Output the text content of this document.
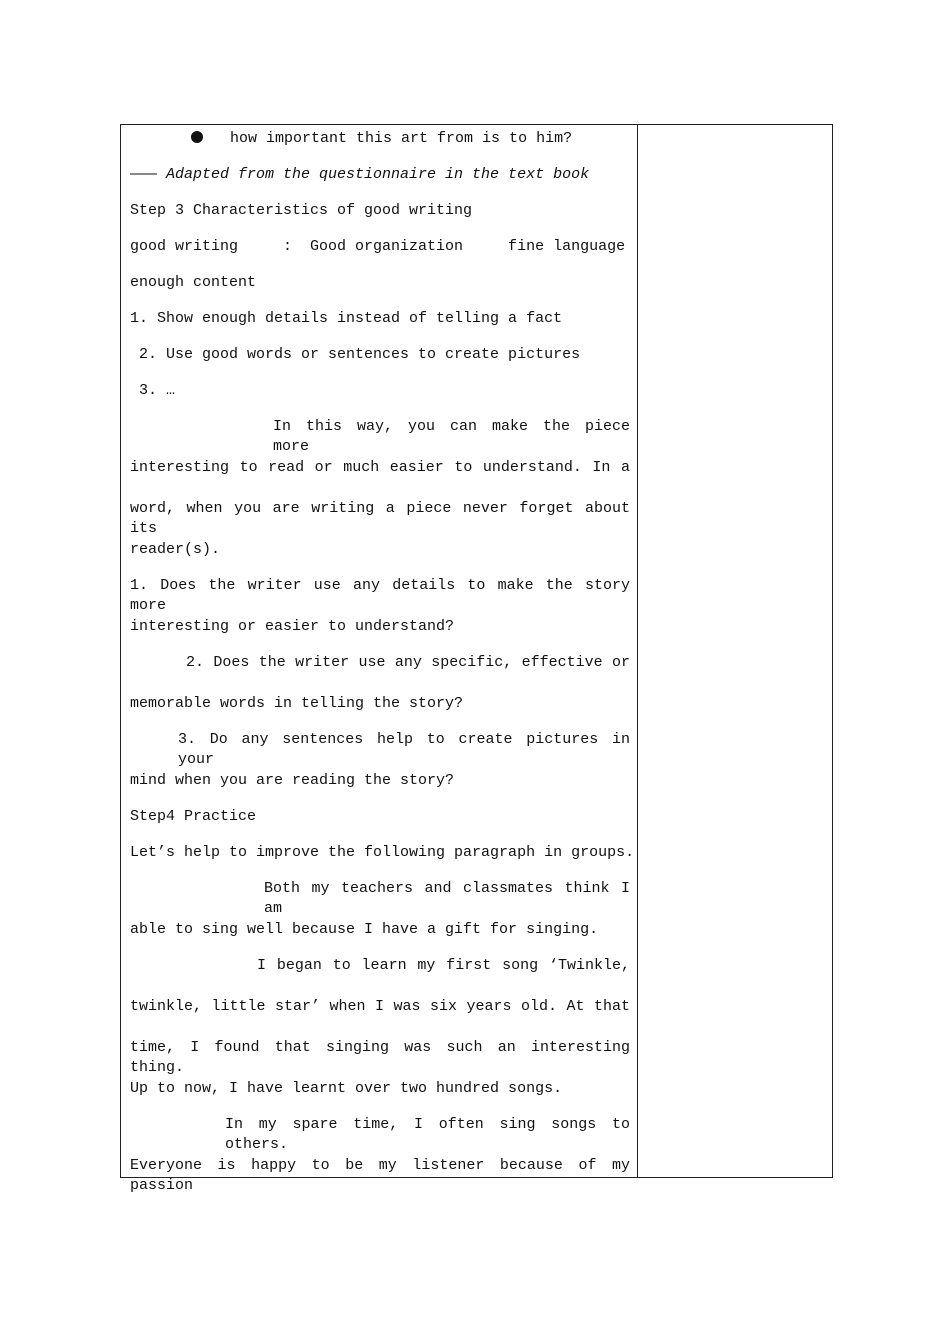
how important this art from is to him?
——— Adapted from the questionnaire in the text book
Step 3 Characteristics of good writing
good writing     :  Good organization     fine language
enough content
1. Show enough details instead of telling a fact
2. Use good words or sentences to create pictures
3. …
In this way, you can make the piece more
interesting to read or much easier to understand. In a
word, when you are writing a piece never forget about its
reader(s).
1. Does the writer use any details to make the story more
interesting or easier to understand?
2. Does the writer use any specific, effective or
memorable words in telling the story?
3. Do any sentences help to create pictures in your
mind when you are reading the story?
Step4 Practice
Let’s help to improve the following paragraph in groups.
Both my teachers and classmates think I am
able to sing well because I have a gift for singing.
I began to learn my first song ‘Twinkle,
twinkle, little star’ when I was six years old. At that
time, I found that singing was such an interesting thing.
Up to now, I have learnt over two hundred songs.
In my spare time, I often sing songs to others.
Everyone is happy to be my listener because of my passion
